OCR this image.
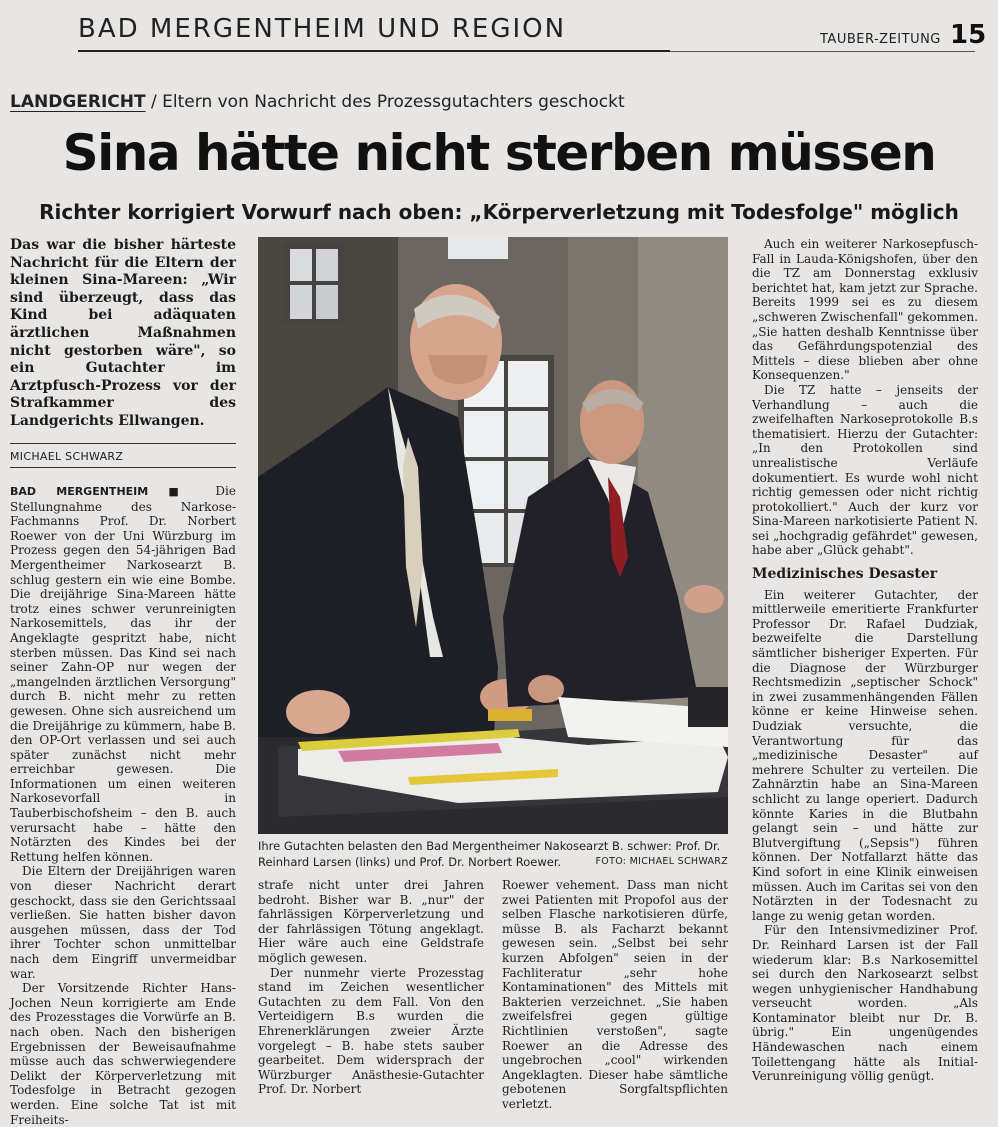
BAD MERGENTHEIM UND REGION	TAUBER-ZEITUNG 15
LANDGERICHT / Eltern von Nachricht des Prozessgutachters geschockt
Sina hätte nicht sterben müssen
Richter korrigiert Vorwurf nach oben: „Körperverletzung mit Todesfolge" möglich
Das war die bisher härteste Nachricht für die Eltern der kleinen Sina-Mareen: „Wir sind überzeugt, dass das Kind bei adäquaten ärztlichen Maßnahmen nicht gestorben wäre", so ein Gutachter im Arztpfusch-Prozess vor der Strafkammer des Landgerichts Ellwangen.
MICHAEL SCHWARZ

BAD MERGENTHEIM ■ Die Stellungnahme des Narkose-Fachmanns Prof. Dr. Norbert Roewer von der Uni Würzburg im Prozess gegen den 54-jährigen Bad Mergentheimer Narkosearzt B. schlug gestern ein wie eine Bombe. Die dreijährige Sina-Mareen hätte trotz eines schwer verunreinigten Narkosemittels, das ihr der Angeklagte gespritzt habe, nicht sterben müssen. Das Kind sei nach seiner Zahn-OP nur wegen der „mangelnden ärztlichen Versorgung" durch B. nicht mehr zu retten gewesen. Ohne sich ausreichend um die Dreijährige zu kümmern, habe B. den OP-Ort verlassen und sei auch später zunächst nicht mehr erreichbar gewesen. Die Informationen um einen weiteren Narkosevorfall in Tauberbischofsheim – den B. auch verursacht habe – hätte den Notärzten des Kindes bei der Rettung helfen können.

Die Eltern der Dreijährigen waren von dieser Nachricht derart geschockt, dass sie den Gerichtssaal verließen. Sie hatten bisher davon ausgehen müssen, dass der Tod ihrer Tochter schon unmittelbar nach dem Eingriff unvermeidbar war.

Der Vorsitzende Richter Hans-Jochen Neun korrigierte am Ende des Prozesstages die Vorwürfe an B. nach oben. Nach den bisherigen Ergebnissen der Beweisaufnahme müsse auch das schwerwiegendere Delikt der Körperverletzung mit Todesfolge in Betracht gezogen werden. Eine solche Tat ist mit Freiheits-

Ihre Gutachten belasten den Bad Mergentheimer Nakosearzt B. schwer: Prof. Dr. Reinhard Larsen (links) und Prof. Dr. Norbert Roewer.	FOTO: MICHAEL SCHWARZ

strafe nicht unter drei Jahren bedroht. Bisher war B. „nur" der fahrlässigen Körperverletzung und der fahrlässigen Tötung angeklagt. Hier wäre auch eine Geldstrafe möglich gewesen.

Der nunmehr vierte Prozesstag stand im Zeichen wesentlicher Gutachten zu dem Fall. Von den Verteidigern B.s wurden die Ehrenerklärungen zweier Ärzte vorgelegt – B. habe stets sauber gearbeitet. Dem widersprach der Würzburger Anästhesie-Gutachter Prof. Dr. Norbert

Roewer vehement. Dass man nicht zwei Patienten mit Propofol aus der selben Flasche narkotisieren dürfe, müsse B. als Facharzt bekannt gewesen sein. „Selbst bei sehr kurzen Abfolgen" seien in der Fachliteratur „sehr hohe Kontaminationen" des Mittels mit Bakterien verzeichnet. „Sie haben zweifelsfrei gegen gültige Richtlinien verstoßen", sagte Roewer an die Adresse des ungebrochen „cool" wirkenden Angeklagten. Dieser habe sämtliche gebotenen Sorgfaltspflichten verletzt.

Auch ein weiterer Narkosepfusch-Fall in Lauda-Königshofen, über den die TZ am Donnerstag exklusiv berichtet hat, kam jetzt zur Sprache. Bereits 1999 sei es zu diesem „schweren Zwischenfall" gekommen. „Sie hatten deshalb Kenntnisse über das Gefährdungspotenzial des Mittels – diese blieben aber ohne Konsequenzen."

Die TZ hatte – jenseits der Verhandlung – auch die zweifelhaften Narkoseprotokolle B.s thematisiert. Hierzu der Gutachter: „In den Protokollen sind unrealistische Verläufe dokumentiert. Es wurde wohl nicht richtig gemessen oder nicht richtig protokolliert." Auch der kurz vor Sina-Mareen narkotisierte Patient N. sei „hochgradig gefährdet" gewesen, habe aber „Glück gehabt".

Medizinisches Desaster

Ein weiterer Gutachter, der mittlerweile emeritierte Frankfurter Professor Dr. Rafael Dudziak, bezweifelte die Darstellung sämtlicher bisheriger Experten. Für die Diagnose der Würzburger Rechtsmedizin „septischer Schock" in zwei zusammenhängenden Fällen könne er keine Hinweise sehen. Dudziak versuchte, die Verantwortung für das „medizinische Desaster" auf mehrere Schulter zu verteilen. Die Zahnärztin habe an Sina-Mareen schlicht zu lange operiert. Dadurch könnte Karies in die Blutbahn gelangt sein – und hätte zur Blutvergiftung („Sepsis") führen können. Der Notfallarzt hätte das Kind sofort in eine Klinik einweisen müssen. Auch im Caritas sei von den Notärzten in der Todesnacht zu lange zu wenig getan worden.

Für den Intensivmediziner Prof. Dr. Reinhard Larsen ist der Fall wiederum klar: B.s Narkosemittel sei durch den Narkosearzt selbst wegen unhygienischer Handhabung verseucht worden. „Als Kontaminator bleibt nur Dr. B. übrig." Ein ungenügendes Händewaschen nach einem Toilettengang hätte als Initial-Verunreinigung völlig genügt.
